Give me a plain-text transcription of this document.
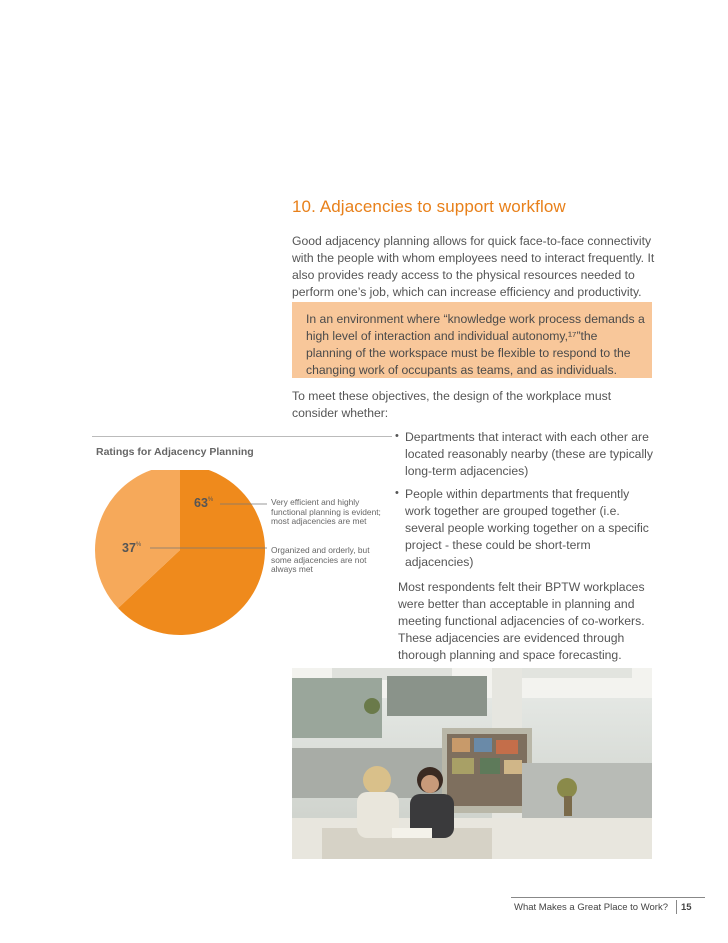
10. Adjacencies to support workflow
Good adjacency planning allows for quick face-to-face connectivity with the people with whom employees need to interact frequently. It also provides ready access to the physical resources needed to perform one’s job, which can increase efficiency and productivity.
In an environment where “knowledge work process demands a high level of interaction and individual autonomy,¹⁷”the planning of the workspace must be flexible to respond to the changing work of occupants as teams, and as individuals.
To meet these objectives, the design of the workplace must consider whether:
• Departments that interact with each other are located reasonably nearby (these are typically long-term adjacencies)
• People within departments that frequently work together are grouped together (i.e. several people working together on a specific project - these could be short-term adjacencies)
Most respondents felt their BPTW workplaces were better than acceptable in planning and meeting functional adjacencies of co-workers. These adjacencies are evidenced through thorough planning and space forecasting.
Ratings for Adjacency Planning
63%
37%
Very efficient and highly functional planning is evident; most adjacencies are met
Organized and orderly, but some adjacencies are not always met
What Makes a Great Place to Work? 15
